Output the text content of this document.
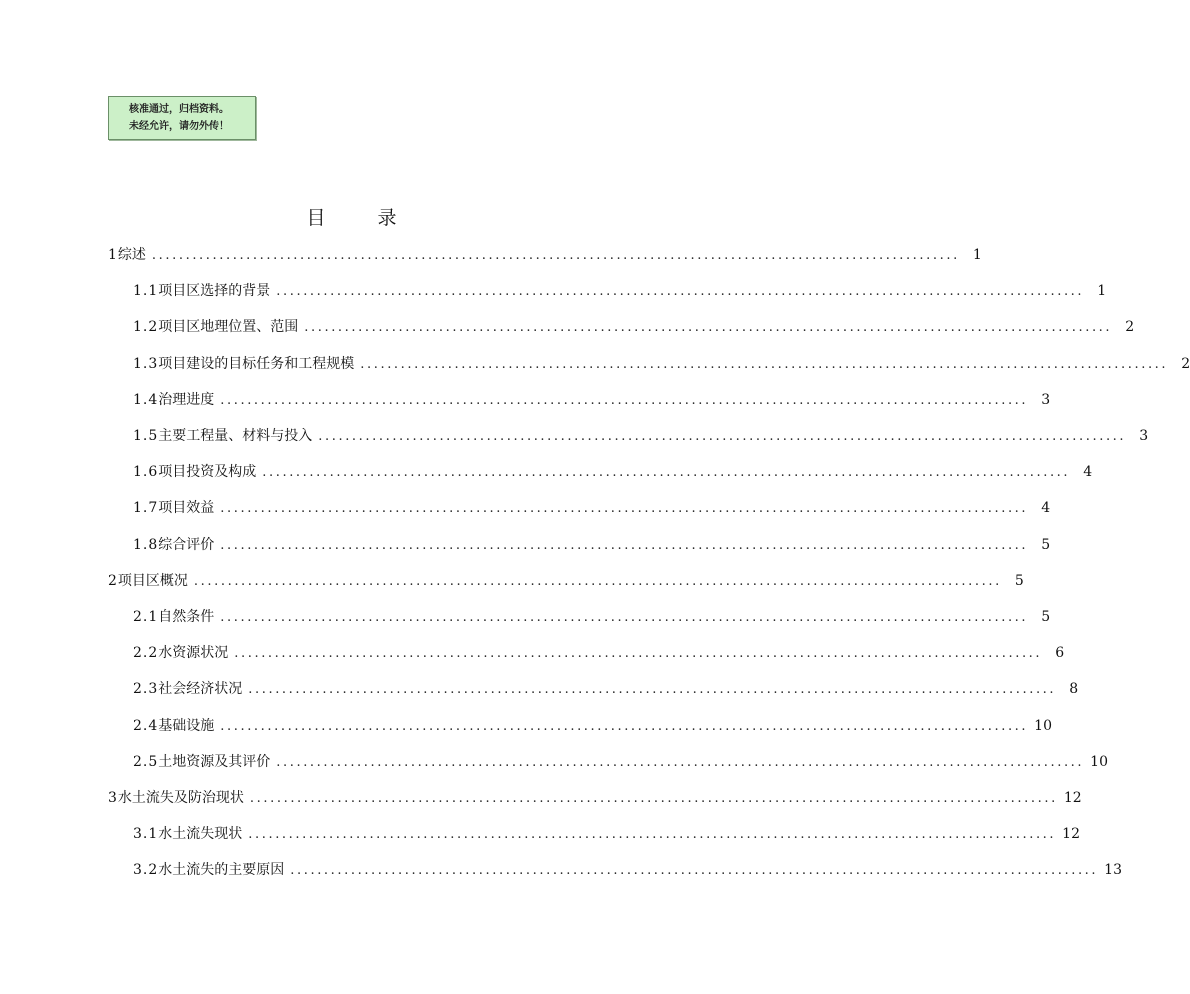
核准通过，归档资料。
未经允许，请勿外传！
目	录
1 综述 ........................................................................................................................ 1
1.1 项目区选择的背景 ........................................................................................................................ 1
1.2 项目区地理位置、范围 ........................................................................................................................ 2
1.3 项目建设的目标任务和工程规模 ........................................................................................................................ 2
1.4 治理进度 ........................................................................................................................ 3
1.5 主要工程量、材料与投入 ........................................................................................................................ 3
1.6 项目投资及构成 ........................................................................................................................ 4
1.7 项目效益 ........................................................................................................................ 4
1.8 综合评价 ........................................................................................................................ 5
2 项目区概况 ........................................................................................................................ 5
2.1 自然条件 ........................................................................................................................ 5
2.2 水资源状况 ........................................................................................................................ 6
2.3 社会经济状况 ........................................................................................................................ 8
2.4 基础设施 ........................................................................................................................ 10
2.5 土地资源及其评价 ........................................................................................................................ 10
3 水土流失及防治现状 ........................................................................................................................ 12
3.1 水土流失现状 ........................................................................................................................ 12
3.2 水土流失的主要原因 ........................................................................................................................ 13
